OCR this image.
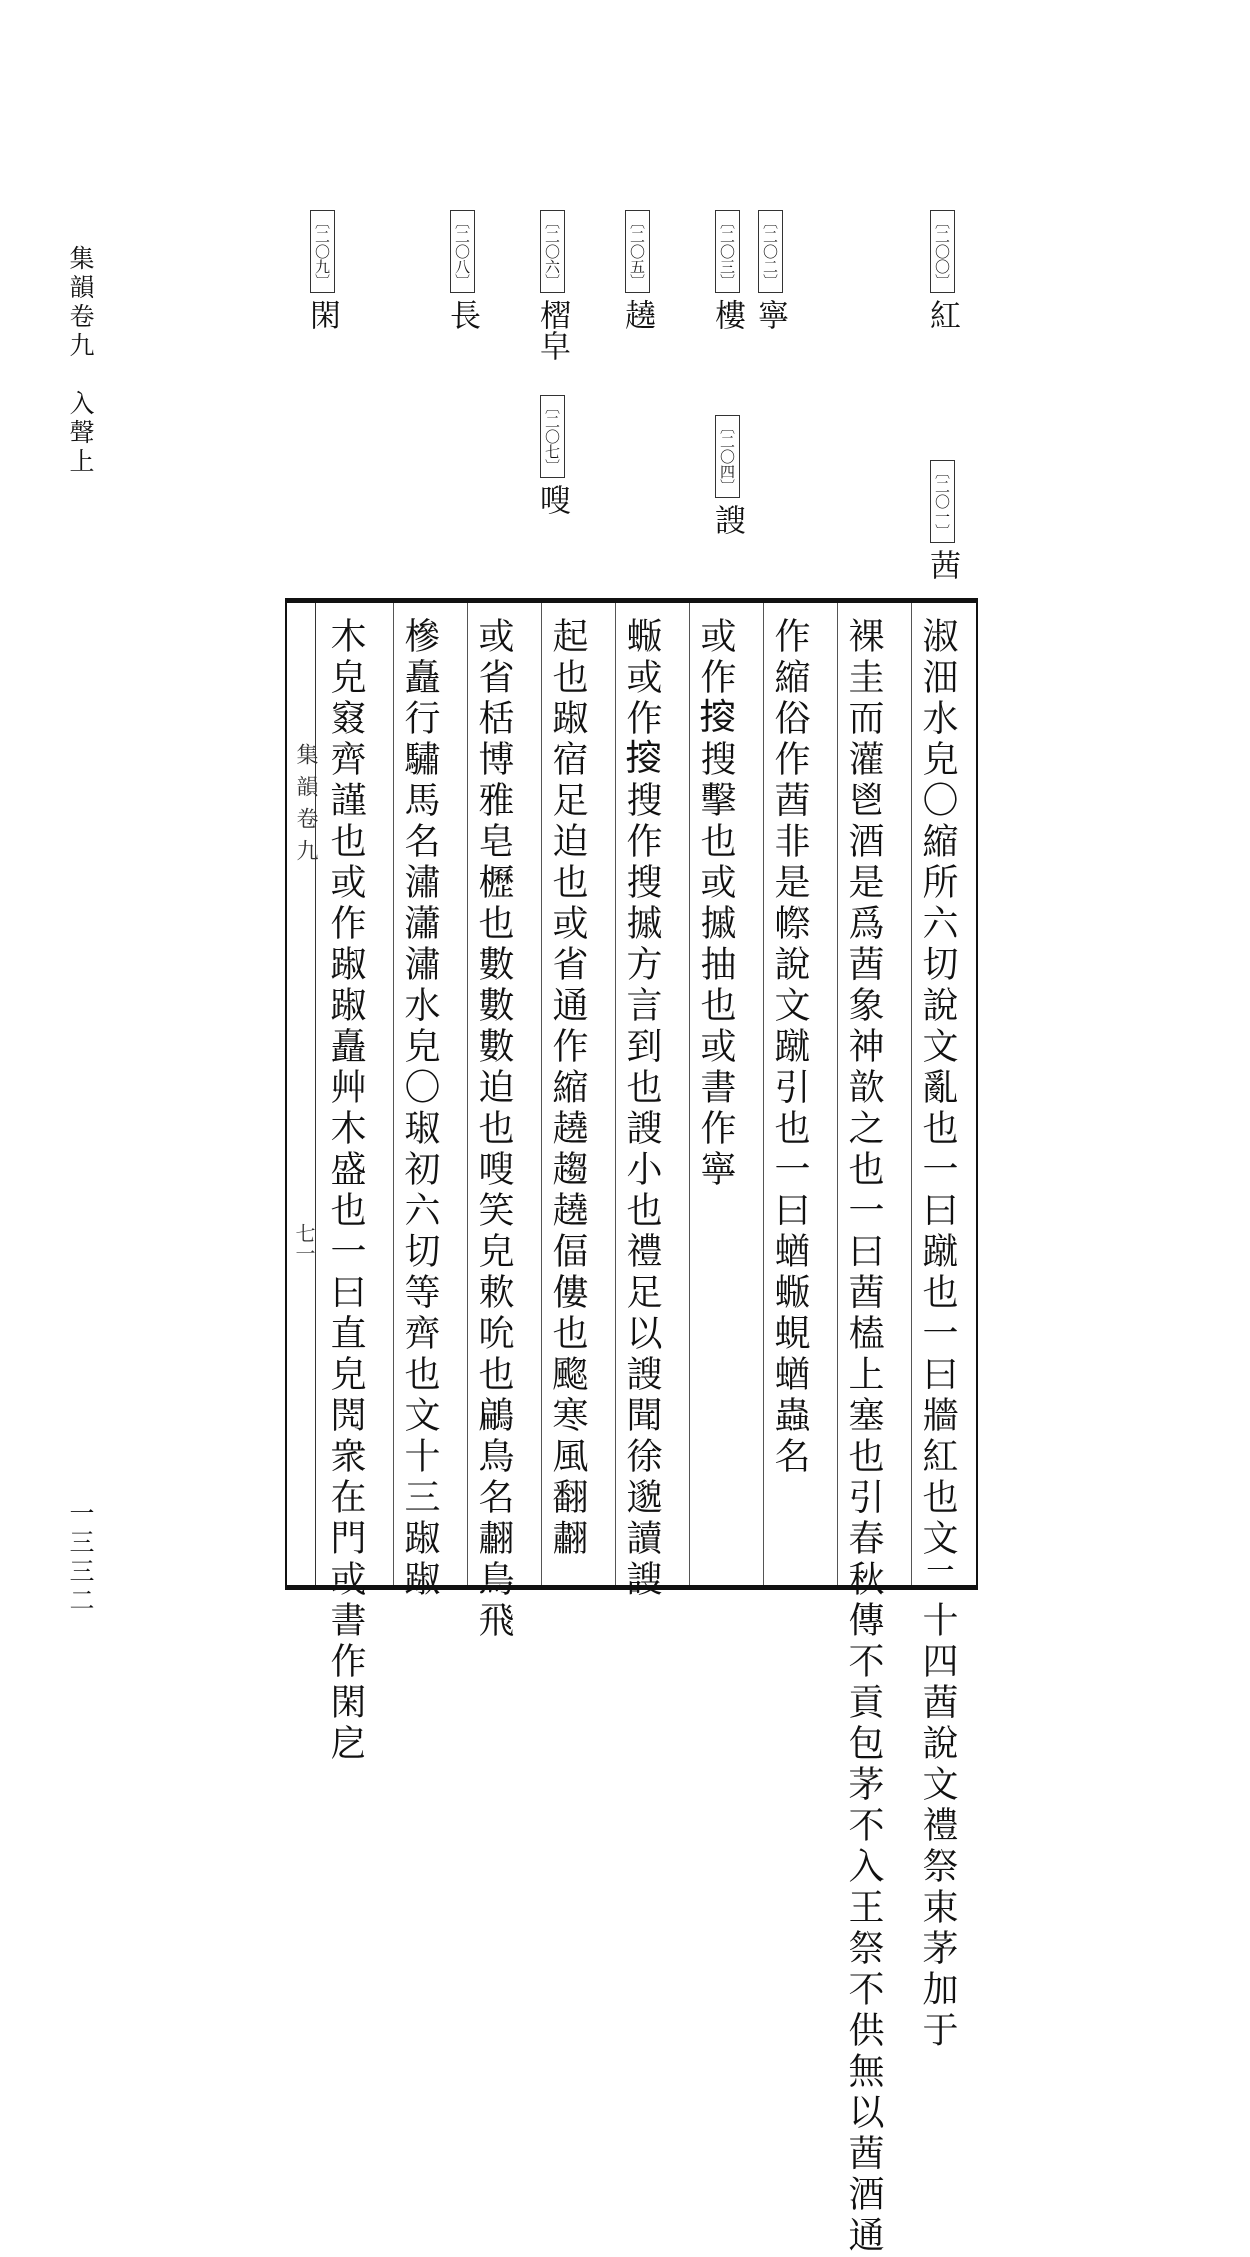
集韻卷九　入聲上
一三三二
〔二〇〇〕紅
〔二〇一〕茜
〔二〇二〕寧
〔二〇三〕樓
〔二〇四〕謏
〔二〇五〕趬
〔二〇六〕槢皁
〔二〇七〕嗖
〔二〇八〕長
〔二〇九〕閑
集韻卷九
七一	淑沺水皃〇縮所六切說文亂也一曰蹴也一曰牆紅也文二十四莤說文禮祭束茅加于
裸圭而灌鬯酒是爲莤象神歆之也一曰莤榼上塞也引春秋傳不貢包茅不入王祭不供無以莤酒通
作縮俗作莤非是㡜說文蹴引也一曰蝤蝂蜆蝤蟲名
或作𢯱搜擊也或摵抽也或書作寧
蝂或作𢯱搜作搜摵方言到也謏小也禮足以謏聞徐邈讀謏
起也踧宿足迫也或省通作縮趬趨趬偪僂也䬍寒風翻䎘
或省栝博雅皂櫪也數數數迫也嗖笑皃欶吮也鶣鳥名䎘鳥飛
槮矗行驌馬名潚瀟潚水皃〇琡初六切等齊也文十三踧踧
木皃窡齊謹也或作踧踧矗艸木盛也一曰直皃閌衆在門或書作閑戹
